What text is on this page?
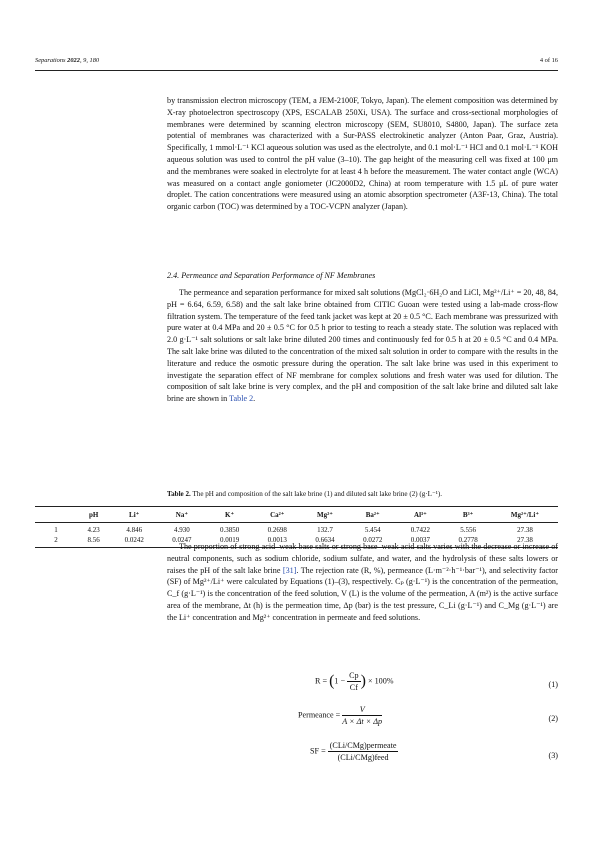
Separations 2022, 9, 180	4 of 16
by transmission electron microscopy (TEM, a JEM-2100F, Tokyo, Japan). The element composition was determined by X-ray photoelectron spectroscopy (XPS, ESCALAB 250Xi, USA). The surface and cross-sectional morphologies of membranes were determined by scanning electron microscopy (SEM, SU8010, S4800, Japan). The surface zeta potential of membranes was characterized with a Sur-PASS electrokinetic analyzer (Anton Paar, Graz, Austria). Specifically, 1 mmol·L⁻¹ KCl aqueous solution was used as the electrolyte, and 0.1 mol·L⁻¹ HCl and 0.1 mol·L⁻¹ KOH aqueous solution was used to control the pH value (3–10). The gap height of the measuring cell was fixed at 100 μm and the membranes were soaked in electrolyte for at least 4 h before the measurement. The water contact angle (WCA) was measured on a contact angle goniometer (JC2000D2, China) at room temperature with 1.5 μL of pure water droplet. The cation concentrations were measured using an atomic absorption spectrometer (A3F-13, China). The total organic carbon (TOC) was determined by a TOC-VCPN analyzer (Japan).
2.4. Permeance and Separation Performance of NF Membranes
The permeance and separation performance for mixed salt solutions (MgCl₂·6H₂O and LiCl, Mg²⁺/Li⁺ = 20, 48, 84, pH = 6.64, 6.59, 6.58) and the salt lake brine obtained from CITIC Guoan were tested using a lab-made cross-flow filtration system. The temperature of the feed tank jacket was kept at 20 ± 0.5 °C. Each membrane was pressurized with pure water at 0.4 MPa and 20 ± 0.5 °C for 0.5 h prior to testing to reach a steady state. The solution was replaced with 2.0 g·L⁻¹ salt solutions or salt lake brine diluted 200 times and continuously fed for 0.5 h at 20 ± 0.5 °C and 0.4 MPa. The salt lake brine was diluted to the concentration of the mixed salt solution in order to compare with the results in the literature and reduce the osmotic pressure during the operation. The salt lake brine was used in this experiment to investigate the separation effect of NF membrane for complex solutions and fresh water was used for dilution. The composition of salt lake brine is very complex, and the pH and composition of the salt lake brine and diluted salt lake brine are shown in Table 2.
Table 2. The pH and composition of the salt lake brine (1) and diluted salt lake brine (2) (g·L⁻¹).
	pH	Li⁺	Na⁺	K⁺	Ca²⁺	Mg²⁺	Ba²⁺	Al³⁺	B³⁺	Mg²⁺/Li⁺
1	4.23	4.846	4.930	0.3850	0.2698	132.7	5.454	0.7422	5.556	27.38
2	8.56	0.0242	0.0247	0.0019	0.0013	0.6634	0.0272	0.0037	0.2778	27.38
The proportion of strong acid–weak base salts or strong base–weak acid salts varies with the decrease or increase of neutral components, such as sodium chloride, sodium sulfate, and water, and the hydrolysis of these salts lowers or raises the pH of the salt lake brine [31]. The rejection rate (R, %), permeance (L·m⁻²·h⁻¹·bar⁻¹), and selectivity factor (SF) of Mg²⁺/Li⁺ were calculated by Equations (1)–(3), respectively. Cₚ (g·L⁻¹) is the concentration of the permeation, C_f (g·L⁻¹) is the concentration of the feed solution, V (L) is the volume of the permeation, A (m²) is the active surface area of the membrane, Δt (h) is the permeation time, Δp (bar) is the test pressure, C_Li (g·L⁻¹) and C_Mg (g·L⁻¹) are the Li⁺ concentration and Mg²⁺ concentration in permeate and feed solutions.
$R = (1 - \frac{Cp}{Cf}$ ) × 100%	(1)
Permeance = $\frac{V}{A \times \Delta t \times \Delta p}$	(2)
SF = $\frac{\text{(CLi/CMg)permeate}}{\text{(CLi/CMg)feed}}$	(3)
